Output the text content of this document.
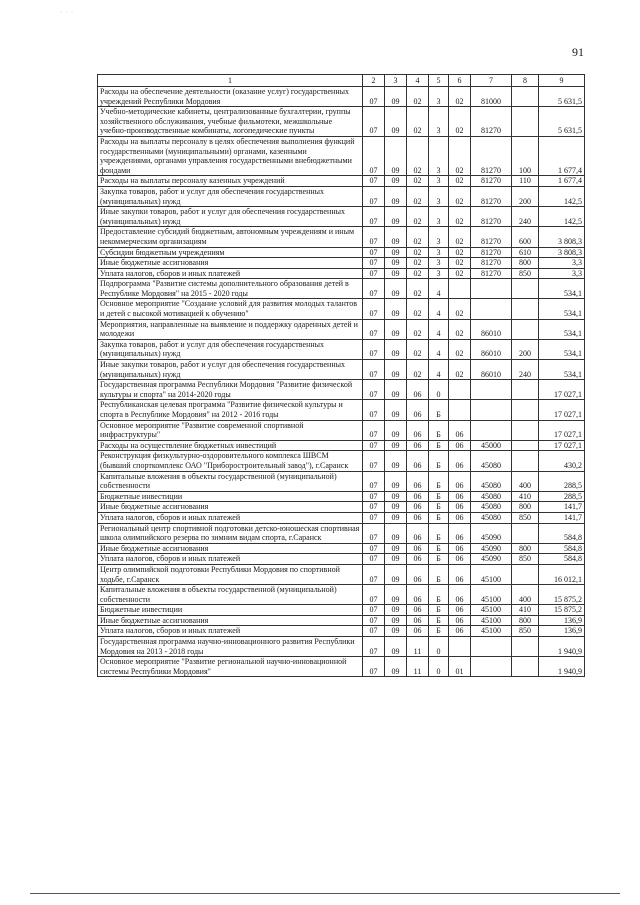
· · ·
91
1	2	3	4	5	6	7	8	9
Расходы на обеспечение деятельности (оказание услуг) государственных учреждений Республики Мордовия	07	09	02	3	02	81000		5 631,5
Учебно-методические кабинеты, централизованные бухгалтерии, группы хозяйственного обслуживания, учебные фильмотеки, межшкольные учебно-производственные комбинаты, логопедические пункты	07	09	02	3	02	81270		5 631,5
Расходы на выплаты персоналу в целях обеспечения выполнения функций государственными (муниципальными) органами, казенными учреждениями, органами управления государственными внебюджетными фондами	07	09	02	3	02	81270	100	1 677,4
Расходы на выплаты персоналу казенных учреждений	07	09	02	3	02	81270	110	1 677,4
Закупка товаров, работ и услуг для обеспечения государственных (муниципальных) нужд	07	09	02	3	02	81270	200	142,5
Иные закупки товаров, работ и услуг для обеспечения государственных (муниципальных) нужд	07	09	02	3	02	81270	240	142,5
Предоставление субсидий бюджетным, автономным учреждениям и иным некоммерческим организациям	07	09	02	3	02	81270	600	3 808,3
Субсидии бюджетным учреждениям	07	09	02	3	02	81270	610	3 808,3
Иные бюджетные ассигнования	07	09	02	3	02	81270	800	3,3
Уплата налогов, сборов и иных платежей	07	09	02	3	02	81270	850	3,3
Подпрограмма "Развитие системы дополнительного образования детей в Республике Мордовия" на 2015 - 2020 годы	07	09	02	4				534,1
Основное мероприятие "Создание условий для развития молодых талантов и детей с высокой мотивацией к обучению"	07	09	02	4	02			534,1
Мероприятия, направленные на выявление и поддержку одаренных детей и молодежи	07	09	02	4	02	86010		534,1
Закупка товаров, работ и услуг для обеспечения государственных (муниципальных) нужд	07	09	02	4	02	86010	200	534,1
Иные закупки товаров, работ и услуг для обеспечения государственных (муниципальных) нужд	07	09	02	4	02	86010	240	534,1
Государственная программа Республики Мордовия "Развитие физической культуры и спорта" на 2014-2020 годы	07	09	06	0				17 027,1
Республиканская целевая программа "Развитие физической культуры и спорта в Республике Мордовия" на 2012 - 2016 годы	07	09	06	Б				17 027,1
Основное мероприятие "Развитие современной спортивной инфраструктуры"	07	09	06	Б	06			17 027,1
Расходы на осуществление бюджетных инвестиций	07	09	06	Б	06	45000		17 027,1
Реконструкция физкультурно-оздоровительного комплекса ШВСМ (бывший спорткомплекс ОАО "Приборостроительный завод"), г.Саранск	07	09	06	Б	06	45080		430,2
Капитальные вложения в объекты государственной (муниципальной) собственности	07	09	06	Б	06	45080	400	288,5
Бюджетные инвестиции	07	09	06	Б	06	45080	410	288,5
Иные бюджетные ассигнования	07	09	06	Б	06	45080	800	141,7
Уплата налогов, сборов и иных платежей	07	09	06	Б	06	45080	850	141,7
Региональный центр спортивной подготовки детско-юношеская спортивная школа олимпийского резерва по зимним видам спорта, г.Саранск	07	09	06	Б	06	45090		584,8
Иные бюджетные ассигнования	07	09	06	Б	06	45090	800	584,8
Уплата налогов, сборов и иных платежей	07	09	06	Б	06	45090	850	584,8
Центр олимпийской подготовки Республики Мордовия по спортивной ходьбе, г.Саранск	07	09	06	Б	06	45100		16 012,1
Капитальные вложения в объекты государственной (муниципальной) собственности	07	09	06	Б	06	45100	400	15 875,2
Бюджетные инвестиции	07	09	06	Б	06	45100	410	15 875,2
Иные бюджетные ассигнования	07	09	06	Б	06	45100	800	136,9
Уплата налогов, сборов и иных платежей	07	09	06	Б	06	45100	850	136,9
Государственная программа научно-инновационного развития Республики Мордовия на 2013 - 2018 годы	07	09	11	0				1 940,9
Основное мероприятие "Развитие региональной научно-инновационной системы Республики Мордовия"	07	09	11	0	01			1 940,9
